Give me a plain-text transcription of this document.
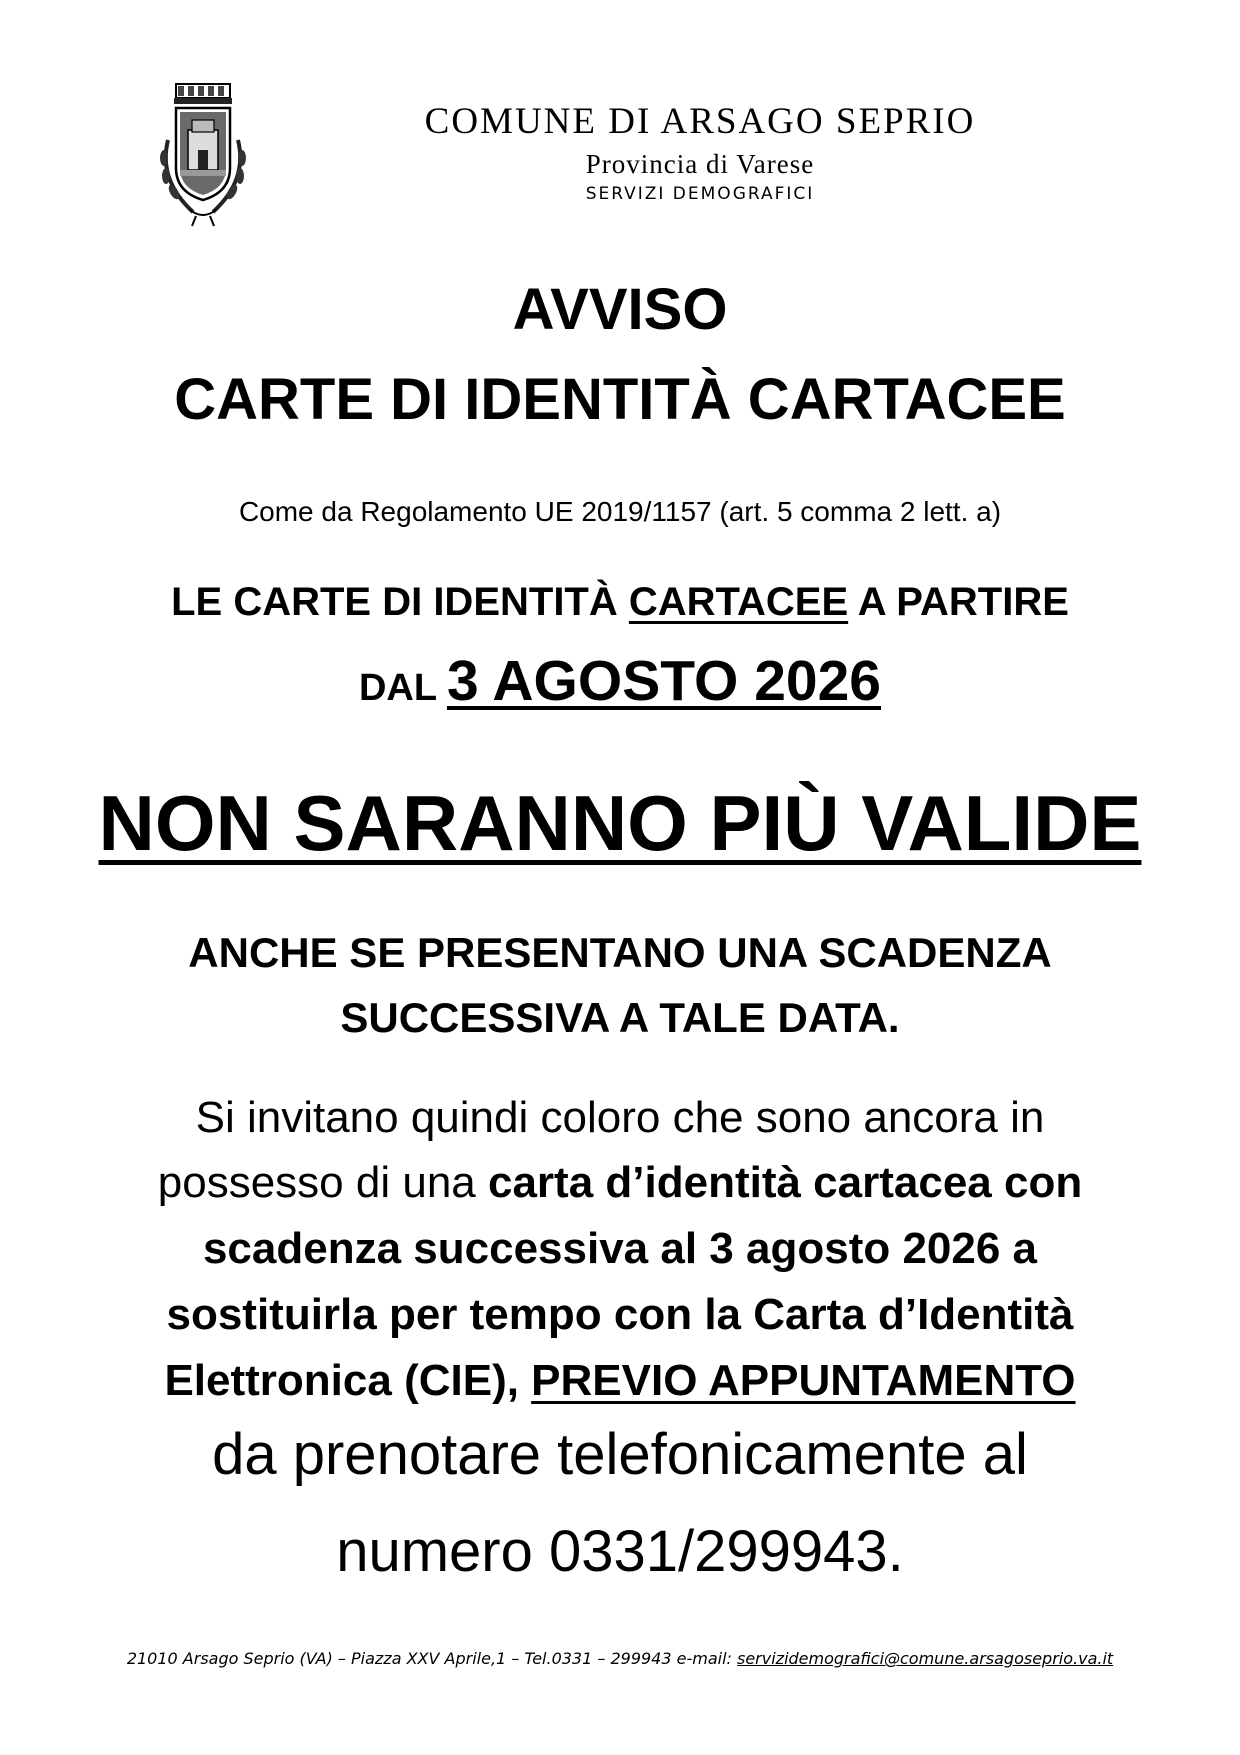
COMUNE DI ARSAGO SEPRIO
Provincia di Varese
SERVIZI DEMOGRAFICI
AVVISO
CARTE DI IDENTITÀ CARTACEE
Come da Regolamento UE 2019/1157 (art. 5 comma 2 lett. a)
LE CARTE DI IDENTITÀ CARTACEE A PARTIRE
DAL 3 AGOSTO 2026
NON SARANNO PIÙ VALIDE
ANCHE SE PRESENTANO UNA SCADENZA
SUCCESSIVA A TALE DATA.
Si invitano quindi coloro che sono ancora in
possesso di una carta d’identità cartacea con
scadenza successiva al 3 agosto 2026 a
sostituirla per tempo con la Carta d’Identità
Elettronica (CIE), PREVIO APPUNTAMENTO
da prenotare telefonicamente al
numero 0331/299943.
21010 Arsago Seprio (VA) – Piazza XXV Aprile,1 – Tel.0331 – 299943 e-mail: servizidemografici@comune.arsagoseprio.va.it
